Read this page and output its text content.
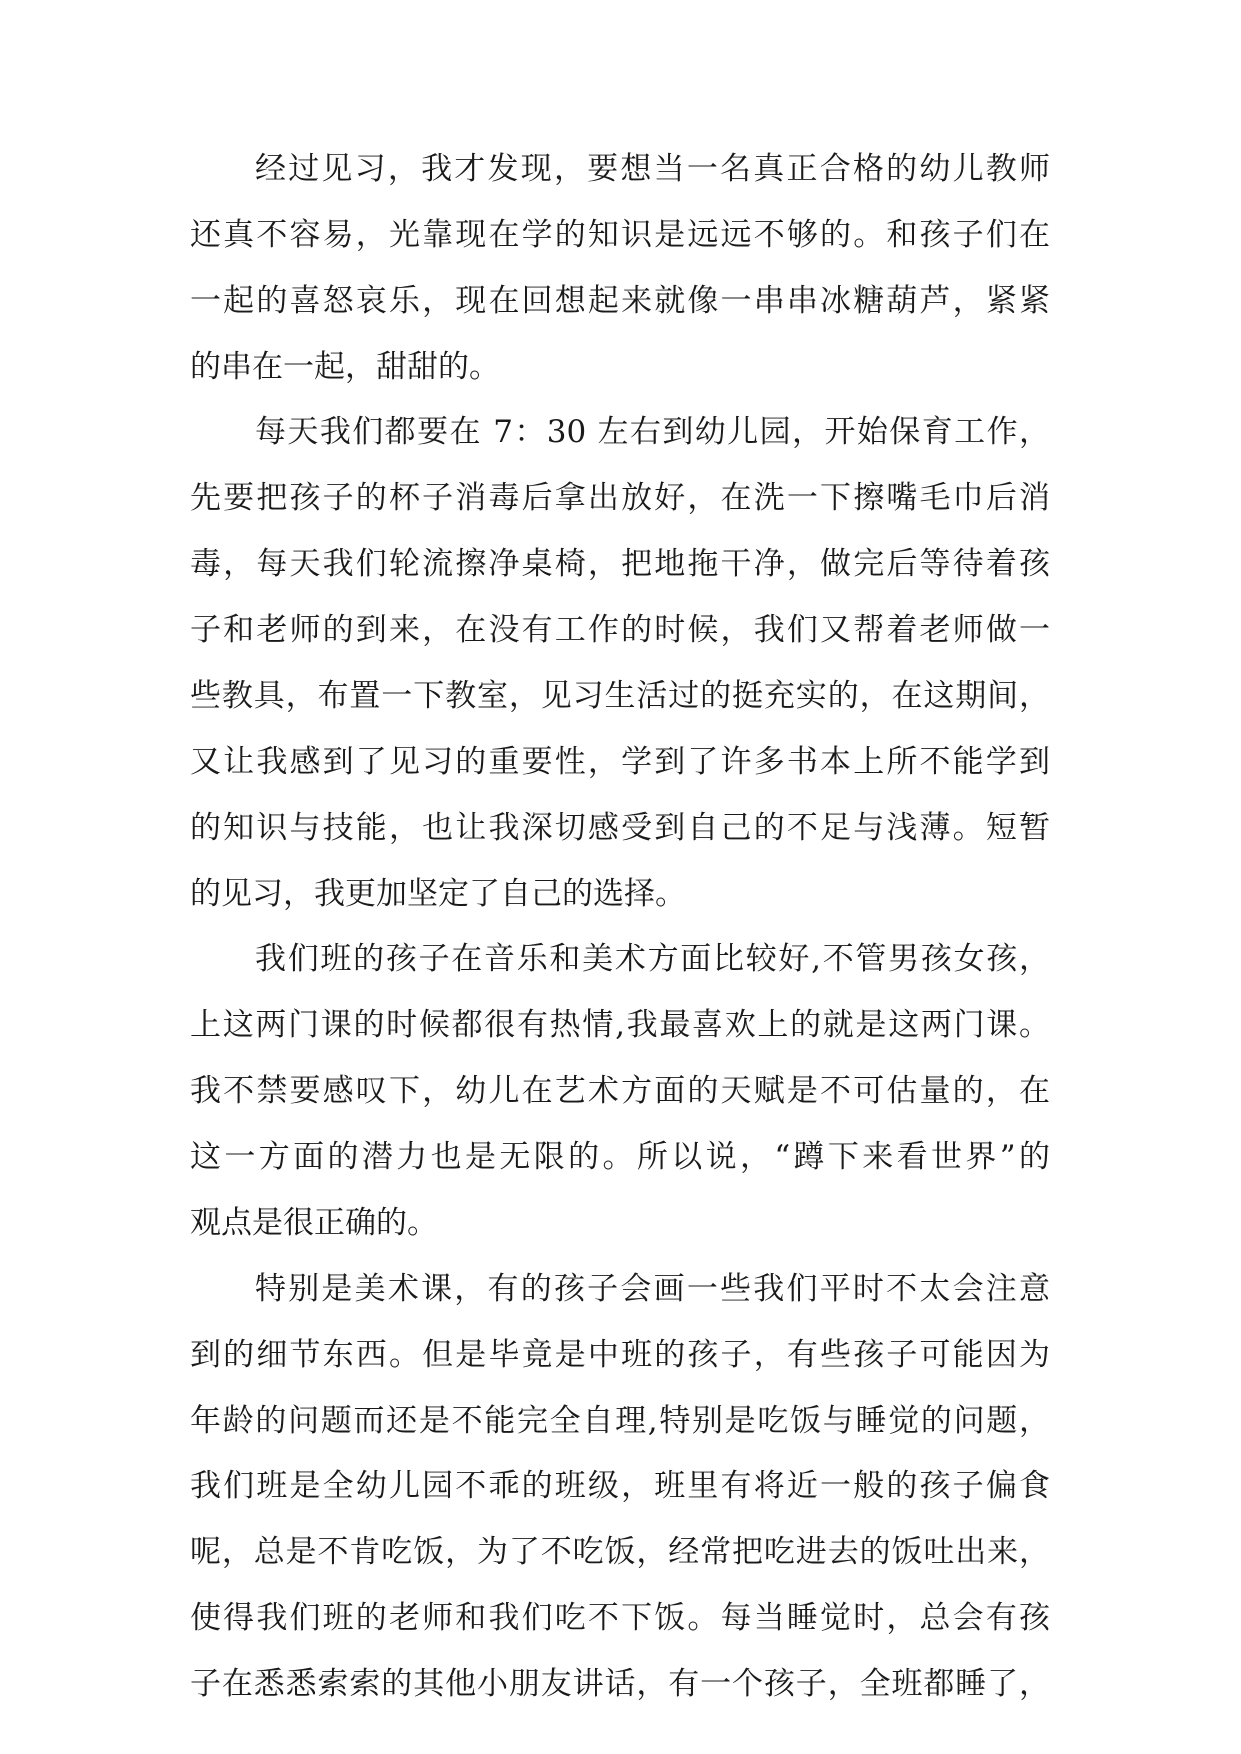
经过见习，我才发现，要想当一名真正合格的幼儿教师
还真不容易，光靠现在学的知识是远远不够的。和孩子们在
一起的喜怒哀乐，现在回想起来就像一串串冰糖葫芦，紧紧
的串在一起，甜甜的。
每天我们都要在 7：30 左右到幼儿园，开始保育工作，
先要把孩子的杯子消毒后拿出放好，在洗一下擦嘴毛巾后消
毒，每天我们轮流擦净桌椅，把地拖干净，做完后等待着孩
子和老师的到来，在没有工作的时候，我们又帮着老师做一
些教具，布置一下教室，见习生活过的挺充实的，在这期间，
又让我感到了见习的重要性，学到了许多书本上所不能学到
的知识与技能，也让我深切感受到自己的不足与浅薄。短暂
的见习，我更加坚定了自己的选择。
我们班的孩子在音乐和美术方面比较好,不管男孩女孩，
上这两门课的时候都很有热情,我最喜欢上的就是这两门课。
我不禁要感叹下，幼儿在艺术方面的天赋是不可估量的，在
这一方面的潜力也是无限的。所以说，“蹲下来看世界”的
观点是很正确的。
特别是美术课，有的孩子会画一些我们平时不太会注意
到的细节东西。但是毕竟是中班的孩子，有些孩子可能因为
年龄的问题而还是不能完全自理,特别是吃饭与睡觉的问题，
我们班是全幼儿园不乖的班级，班里有将近一般的孩子偏食
呢，总是不肯吃饭，为了不吃饭，经常把吃进去的饭吐出来，
使得我们班的老师和我们吃不下饭。每当睡觉时，总会有孩
子在悉悉索索的其他小朋友讲话，有一个孩子，全班都睡了，
